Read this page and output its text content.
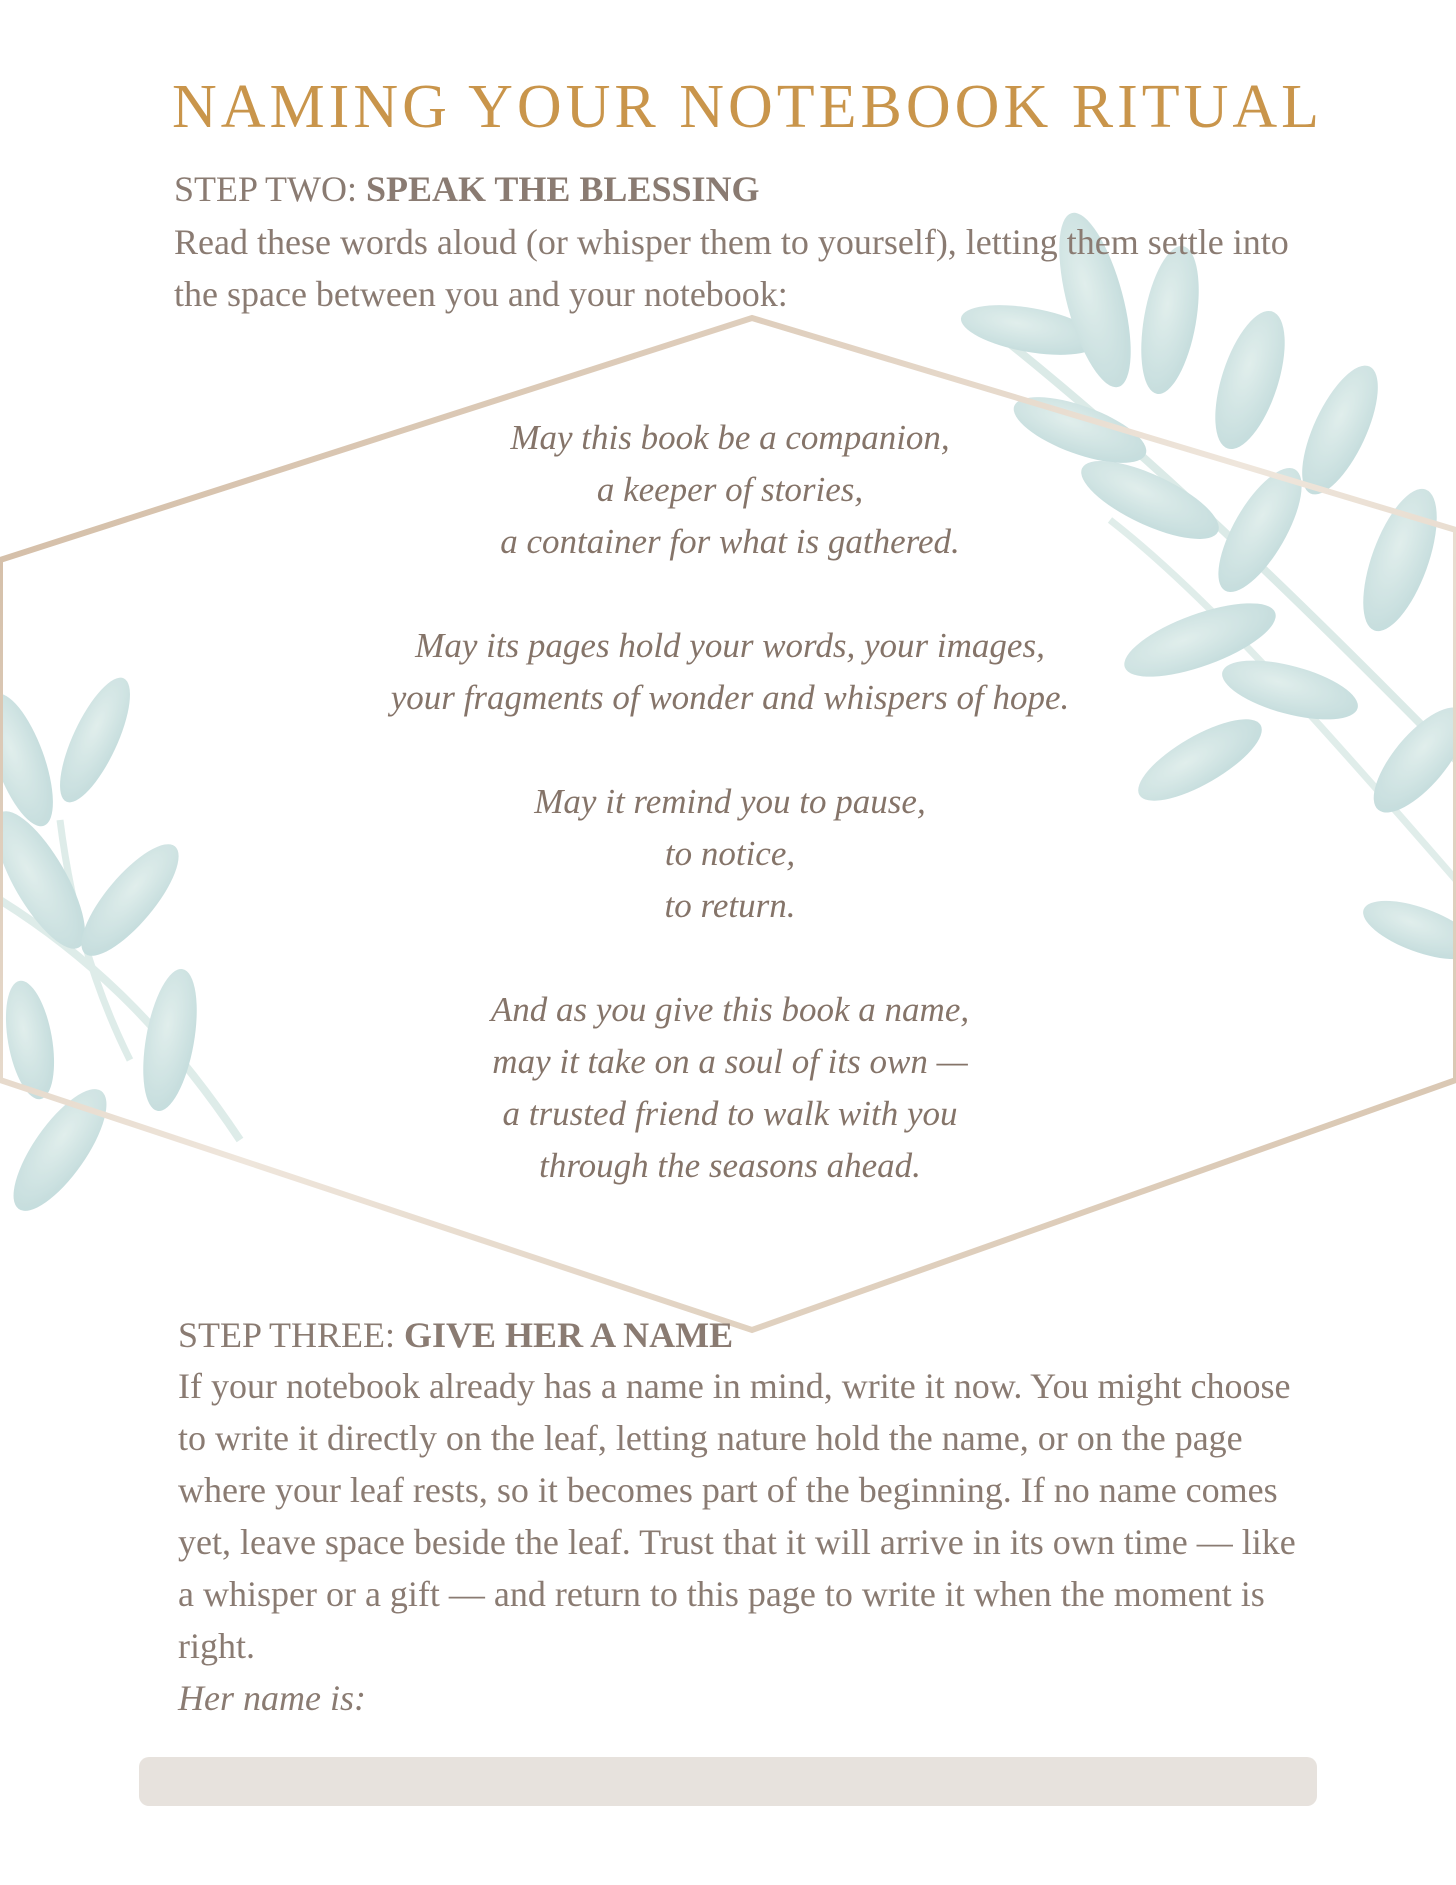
NAMING YOUR NOTEBOOK RITUAL

STEP TWO: SPEAK THE BLESSING

Read these words aloud (or whisper them to yourself), letting them settle into the space between you and your notebook:

May this book be a companion,
a keeper of stories,
a container for what is gathered.

May its pages hold your words, your images,
your fragments of wonder and whispers of hope.

May it remind you to pause,
to notice,
to return.

And as you give this book a name,
may it take on a soul of its own —
a trusted friend to walk with you
through the seasons ahead.

STEP THREE: GIVE HER A NAME

If your notebook already has a name in mind, write it now. You might choose to write it directly on the leaf, letting nature hold the name, or on the page where your leaf rests, so it becomes part of the beginning. If no name comes yet, leave space beside the leaf. Trust that it will arrive in its own time — like a whisper or a gift — and return to this page to write it when the moment is right.

Her name is:
